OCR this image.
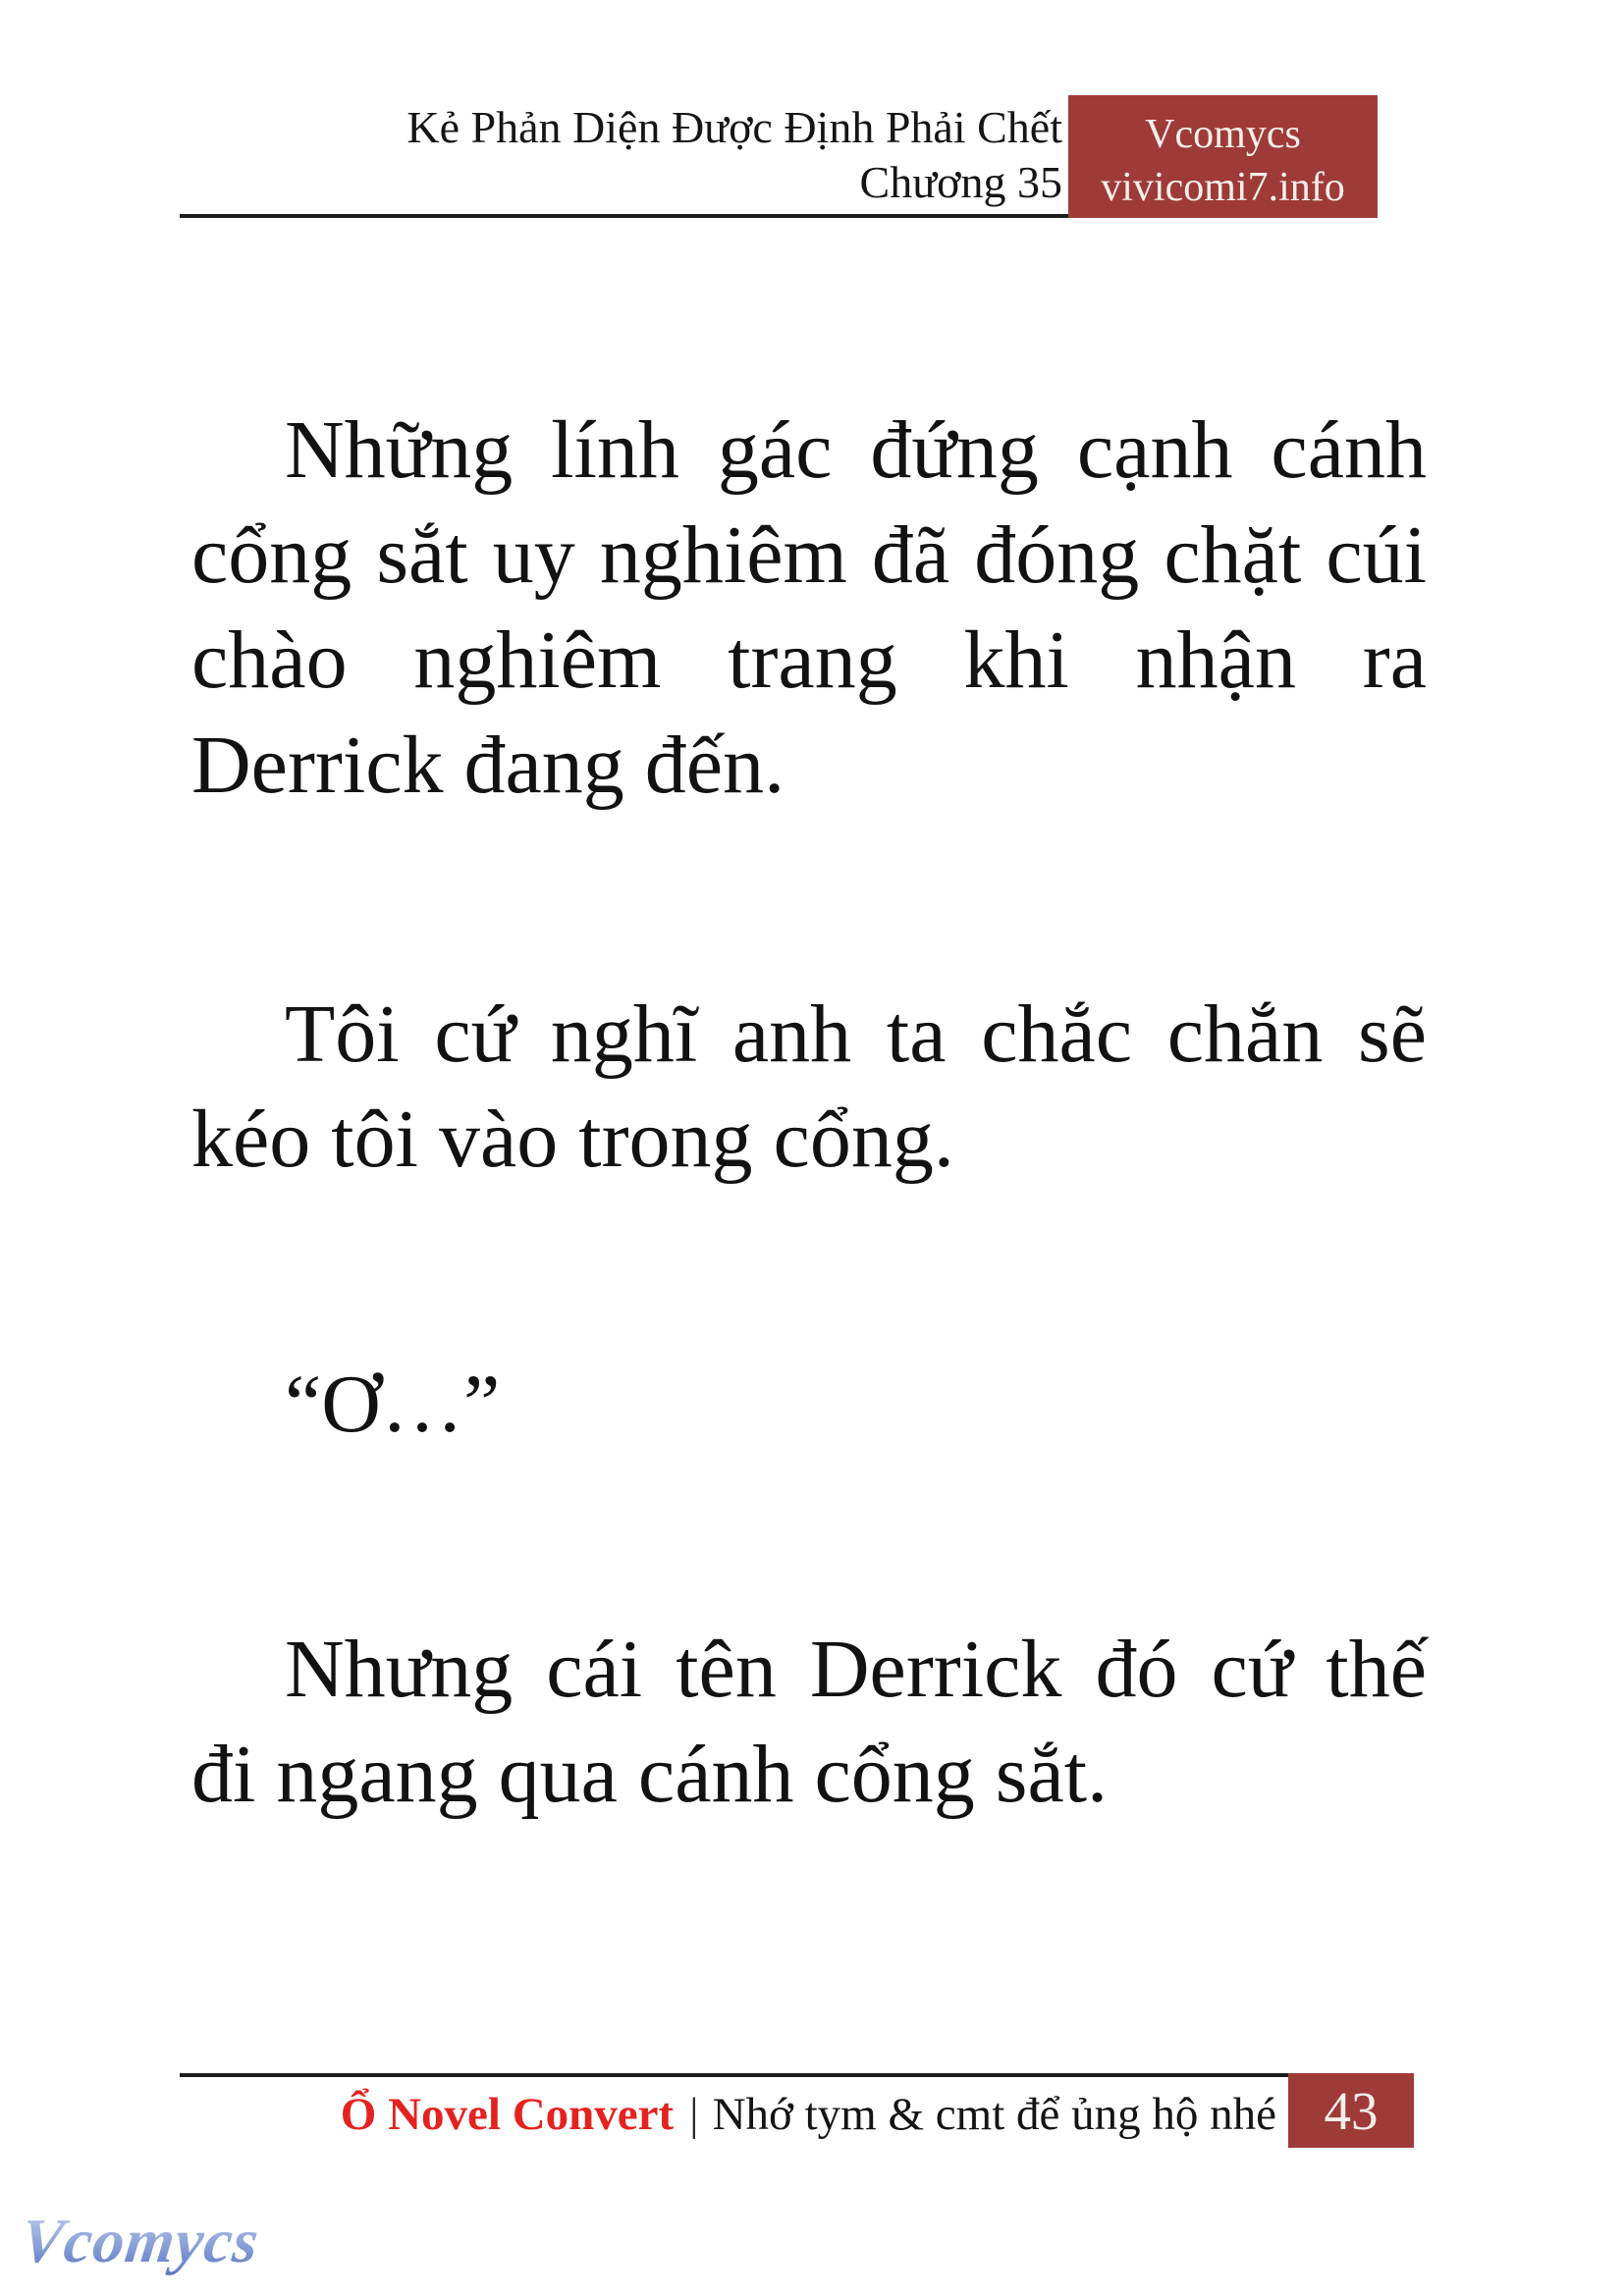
Kẻ Phản Diện Được Định Phải Chết
Chương 35
Vcomycs
vivicomi7.info
Những lính gác đứng cạnh cánh
cổng sắt uy nghiêm đã đóng chặt cúi
chào nghiêm trang khi nhận ra
Derrick đang đến.
Tôi cứ nghĩ anh ta chắc chắn sẽ
kéo tôi vào trong cổng.
“Ơ…”
Nhưng cái tên Derrick đó cứ thế
đi ngang qua cánh cổng sắt.
Ổ Novel Convert | Nhớ tym & cmt để ủng hộ nhé 43
Vcomycs
